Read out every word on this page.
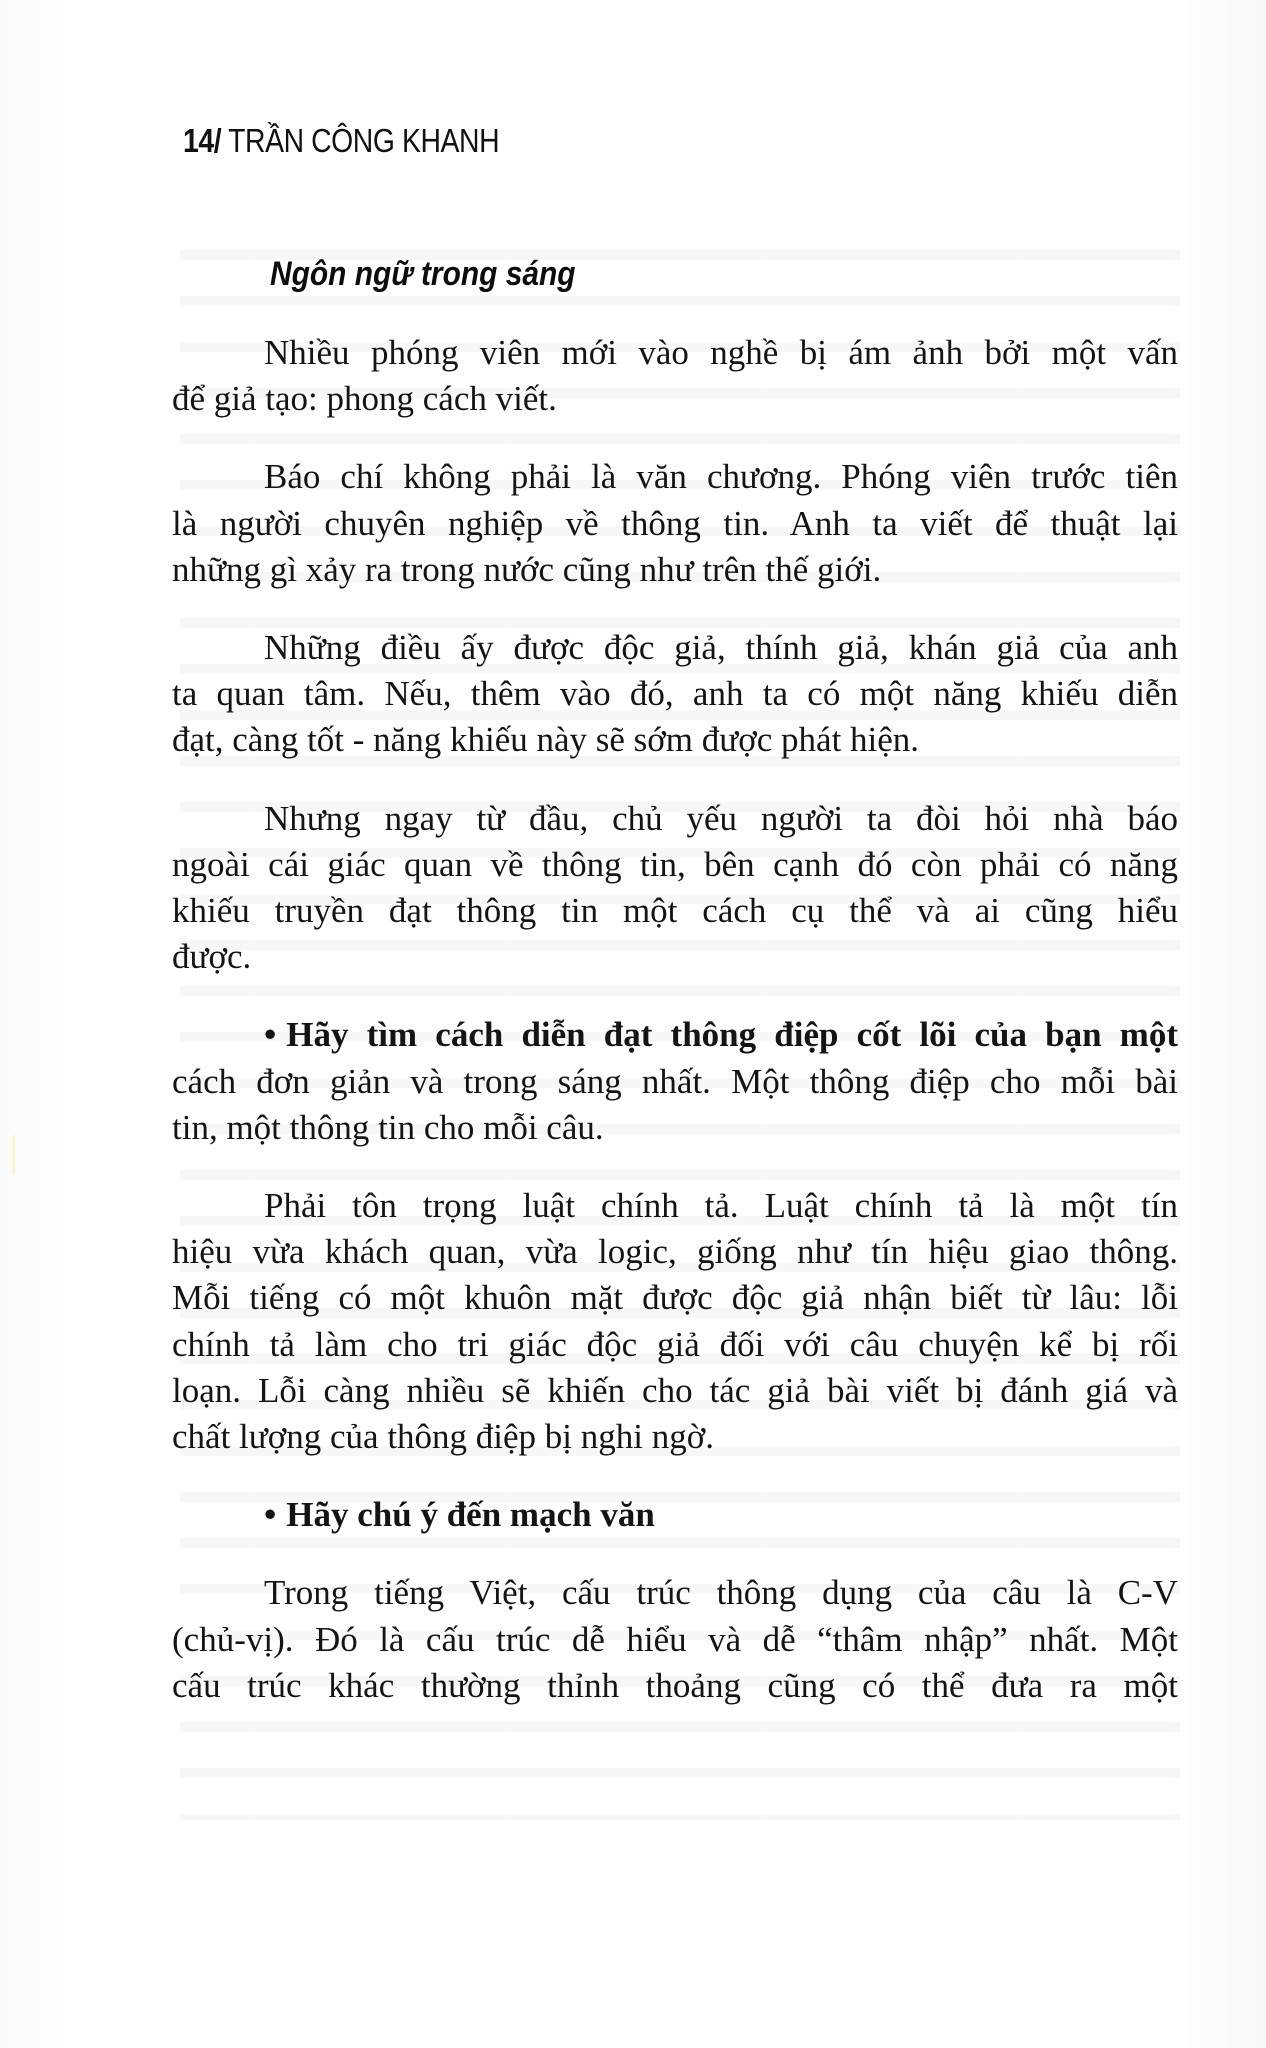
14/ TRẦN CÔNG KHANH
Ngôn ngữ trong sáng
Nhiều phóng viên mới vào nghề bị ám ảnh bởi một vấn
để giả tạo: phong cách viết.
Báo chí không phải là văn chương. Phóng viên trước tiên
là người chuyên nghiệp về thông tin. Anh ta viết để thuật lại
những gì xảy ra trong nước cũng như trên thế giới.
Những điều ấy được độc giả, thính giả, khán giả của anh
ta quan tâm. Nếu, thêm vào đó, anh ta có một năng khiếu diễn
đạt, càng tốt - năng khiếu này sẽ sớm được phát hiện.
Nhưng ngay từ đầu, chủ yếu người ta đòi hỏi nhà báo
ngoài cái giác quan về thông tin, bên cạnh đó còn phải có năng
khiếu truyền đạt thông tin một cách cụ thể và ai cũng hiểu
được.
• Hãy tìm cách diễn đạt thông điệp cốt lõi của bạn một
cách đơn giản và trong sáng nhất. Một thông điệp cho mỗi bài
tin, một thông tin cho mỗi câu.
Phải tôn trọng luật chính tả. Luật chính tả là một tín
hiệu vừa khách quan, vừa logic, giống như tín hiệu giao thông.
Mỗi tiếng có một khuôn mặt được độc giả nhận biết từ lâu: lỗi
chính tả làm cho tri giác độc giả đối với câu chuyện kể bị rối
loạn. Lỗi càng nhiều sẽ khiến cho tác giả bài viết bị đánh giá và
chất lượng của thông điệp bị nghi ngờ.
• Hãy chú ý đến mạch văn
Trong tiếng Việt, cấu trúc thông dụng của câu là C-V
(chủ-vị). Đó là cấu trúc dễ hiểu và dễ “thâm nhập” nhất. Một
cấu trúc khác thường thỉnh thoảng cũng có thể đưa ra một
